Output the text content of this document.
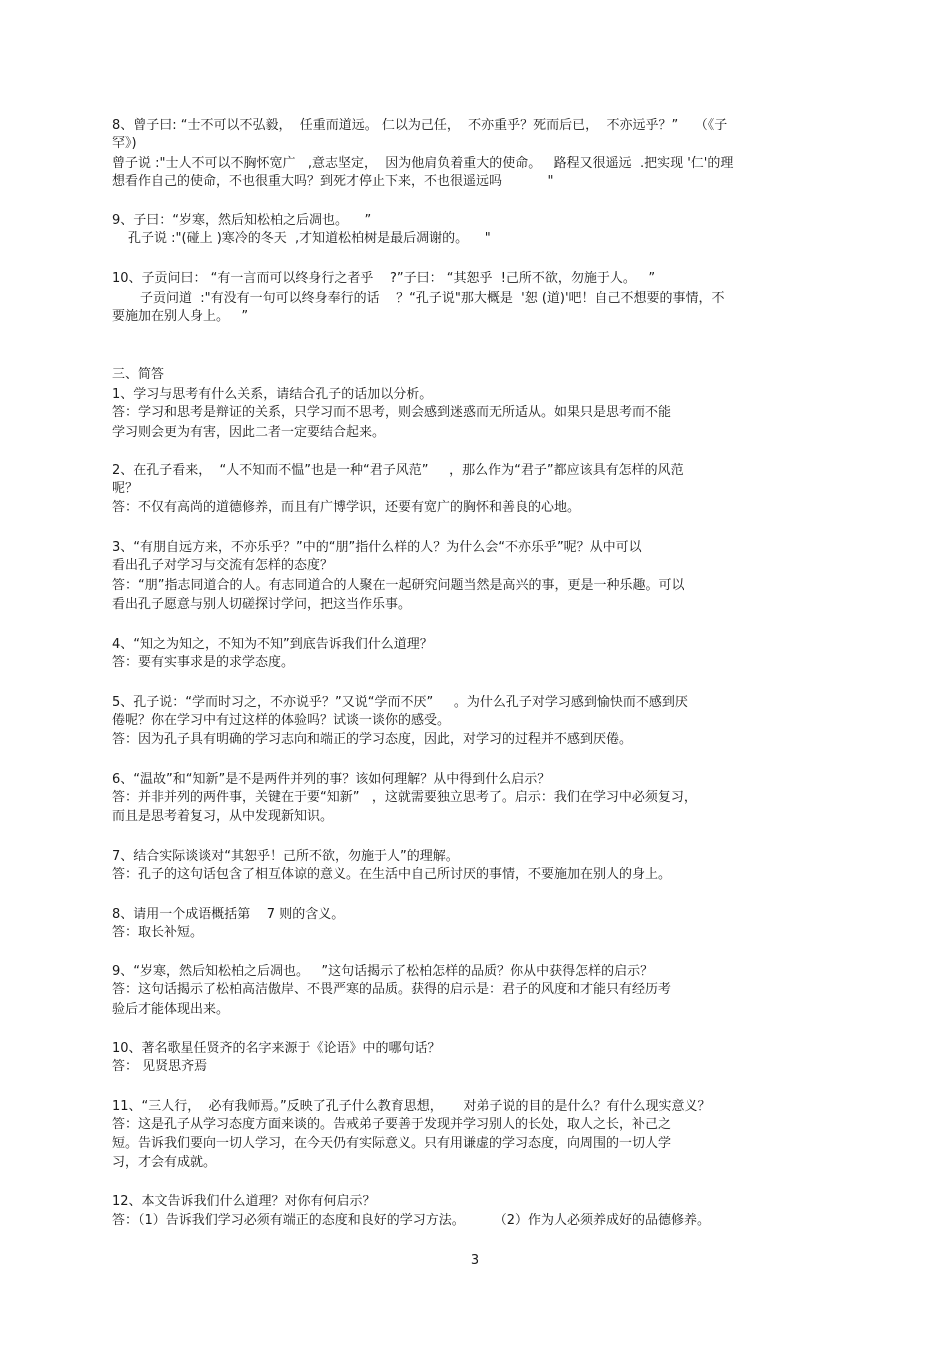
8、曾子曰: “士不可以不弘毅，  任重而道远。 仁以为己任，  不亦重乎？死而后已，  不亦远乎？”    （《子
罕》)
曾子说 :"士人不可以不胸怀宽广   ,意志坚定，  因为他肩负着重大的使命。   路程又很遥远  .把实现 '仁'的理
想看作自己的使命，不也很重大吗？到死才停止下来，不也很遥远吗           "
9、子曰：“岁寒，然后知松柏之后凋也。    ”
孔子说 :"(碰上 )寒冷的冬天  ,才知道松柏树是最后凋谢的。    "
10、子贡问曰： “有一言而可以终身行之者乎    ?”子曰： “其恕乎  !己所不欲，勿施于人。   ”
子贡问道  :"有没有一句可以终身奉行的话    ？“孔子说"那大概是  '恕 (道)'吧！自己不想要的事情，不
要施加在别人身上。   ”
三、简答
1、学习与思考有什么关系，请结合孔子的话加以分析。
答：学习和思考是辩证的关系，只学习而不思考，则会感到迷惑而无所适从。如果只是思考而不能
学习则会更为有害，因此二者一定要结合起来。
2、在孔子看来，  “人不知而不愠”也是一种“君子风范”     ，那么作为“君子”都应该具有怎样的风范
呢？
答：不仅有高尚的道德修养，而且有广博学识，还要有宽广的胸怀和善良的心地。
3、“有朋自远方来，不亦乐乎？”中的“朋”指什么样的人？为什么会“不亦乐乎”呢？从中可以
看出孔子对学习与交流有怎样的态度？
答：“朋”指志同道合的人。有志同道合的人聚在一起研究问题当然是高兴的事，更是一种乐趣。可以
看出孔子愿意与别人切磋探讨学问，把这当作乐事。
4、“知之为知之，不知为不知”到底告诉我们什么道理？
答：要有实事求是的求学态度。
5、孔子说：“学而时习之，不亦说乎？”又说“学而不厌”     。为什么孔子对学习感到愉快而不感到厌
倦呢？你在学习中有过这样的体验吗？试谈一谈你的感受。
答：因为孔子具有明确的学习志向和端正的学习态度，因此，对学习的过程并不感到厌倦。
6、“温故”和“知新”是不是两件并列的事？该如何理解？从中得到什么启示？
答：并非并列的两件事，关键在于要“知新”   ，这就需要独立思考了。启示：我们在学习中必须复习，
而且是思考着复习，从中发现新知识。
7、结合实际谈谈对“其恕乎！己所不欲，勿施于人”的理解。
答：孔子的这句话包含了相互体谅的意义。在生活中自己所讨厌的事情，不要施加在别人的身上。
8、请用一个成语概括第    7 则的含义。
答：取长补短。
9、“岁寒，然后知松柏之后凋也。   ”这句话揭示了松柏怎样的品质？你从中获得怎样的启示？
答：这句话揭示了松柏高洁傲岸、不畏严寒的品质。获得的启示是：君子的风度和才能只有经历考
验后才能体现出来。
10、著名歌星任贤齐的名字来源于《论语》中的哪句话？
答： 见贤思齐焉
11、“三人行，  必有我师焉。”反映了孔子什么教育思想，     对弟子说的目的是什么？有什么现实意义？
答：这是孔子从学习态度方面来谈的。告戒弟子要善于发现并学习别人的长处，取人之长，补己之
短。告诉我们要向一切人学习，在今天仍有实际意义。只有用谦虚的学习态度，向周围的一切人学
习，才会有成就。
12、本文告诉我们什么道理？对你有何启示？
答：（1）告诉我们学习必须有端正的态度和良好的学习方法。       （2）作为人必须养成好的品德修养。
3
